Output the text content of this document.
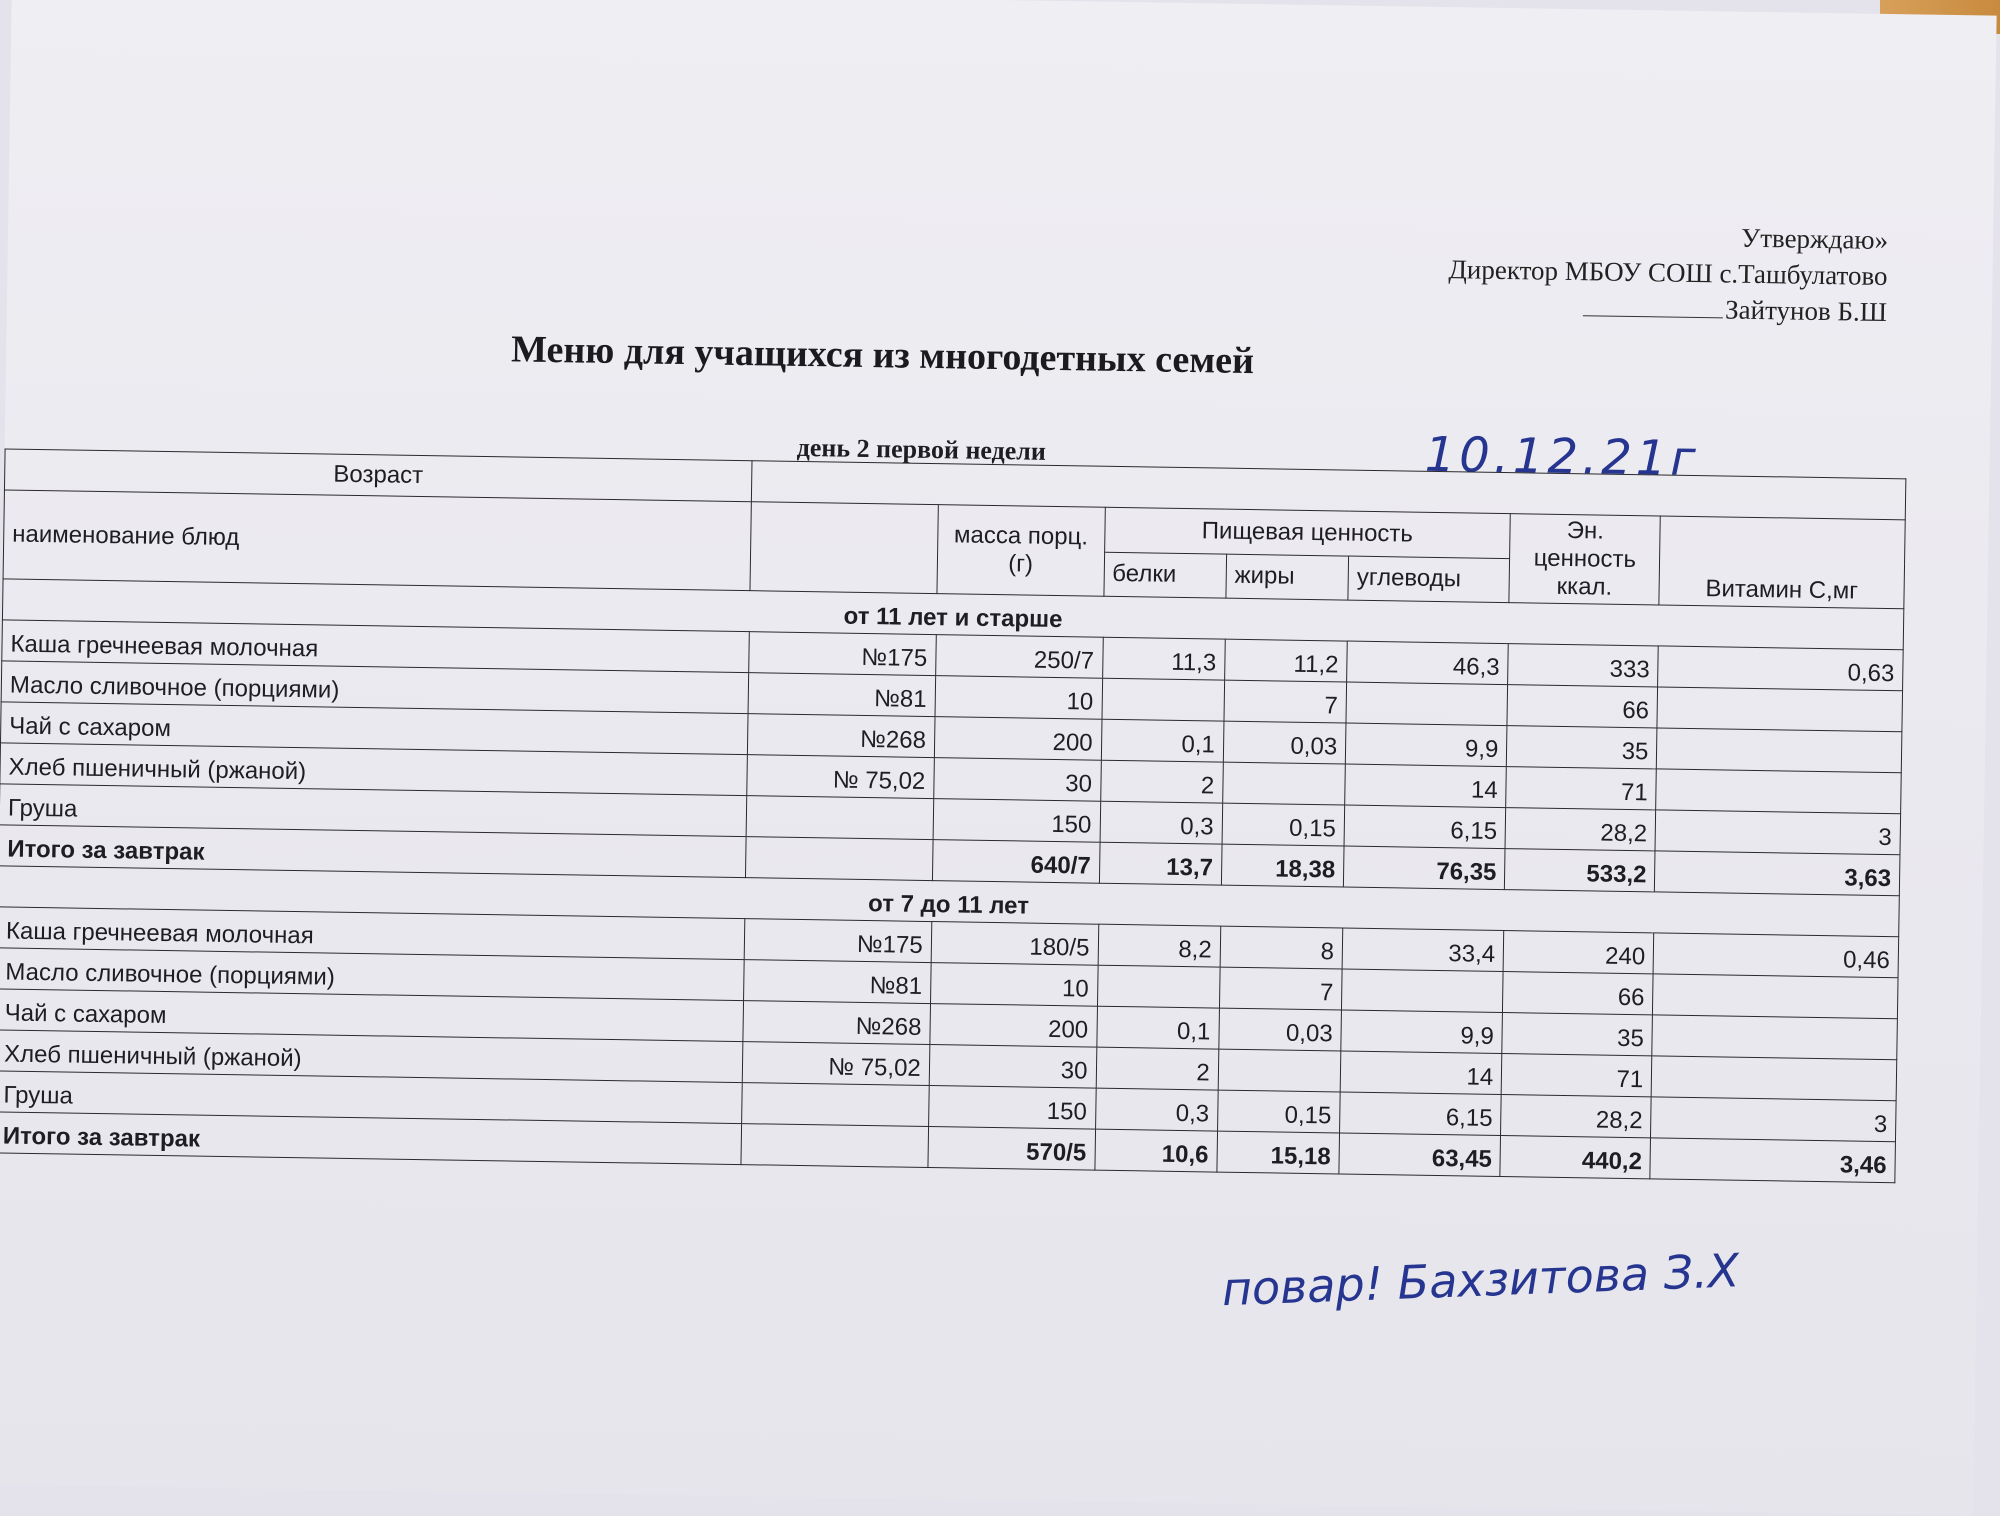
Утверждаю»
Директор МБОУ СОШ с.Ташбулатово
Зайтунов Б.Ш
Меню для учащихся из многодетных семей
день 2 первой недели	10.12.21г
Возраст							
наименование блюд		масса порц. (г)	Пищевая ценность			Эн. ценность ккал.	Витамин С,мг
			белки	жиры	углеводы		
от 11 лет и старше							
Каша гречнеевая молочная	№175	250/7	11,3	11,2	46,3	333	0,63
Масло сливочное (порциями)	№81	10		7		66	
Чай с сахаром	№268	200	0,1	0,03	9,9	35	
Хлеб пшеничный (ржаной)	№ 75,02	30	2		14	71	
Груша		150	0,3	0,15	6,15	28,2	3
Итого за завтрак		640/7	13,7	18,38	76,35	533,2	3,63
от 7 до 11 лет							
Каша гречнеевая молочная	№175	180/5	8,2	8	33,4	240	0,46
Масло сливочное (порциями)	№81	10		7		66	
Чай с сахаром	№268	200	0,1	0,03	9,9	35	
Хлеб пшеничный (ржаной)	№ 75,02	30	2		14	71	
Груша		150	0,3	0,15	6,15	28,2	3
Итого за завтрак		570/5	10,6	15,18	63,45	440,2	3,46
повар! Бахзитова З.Х
